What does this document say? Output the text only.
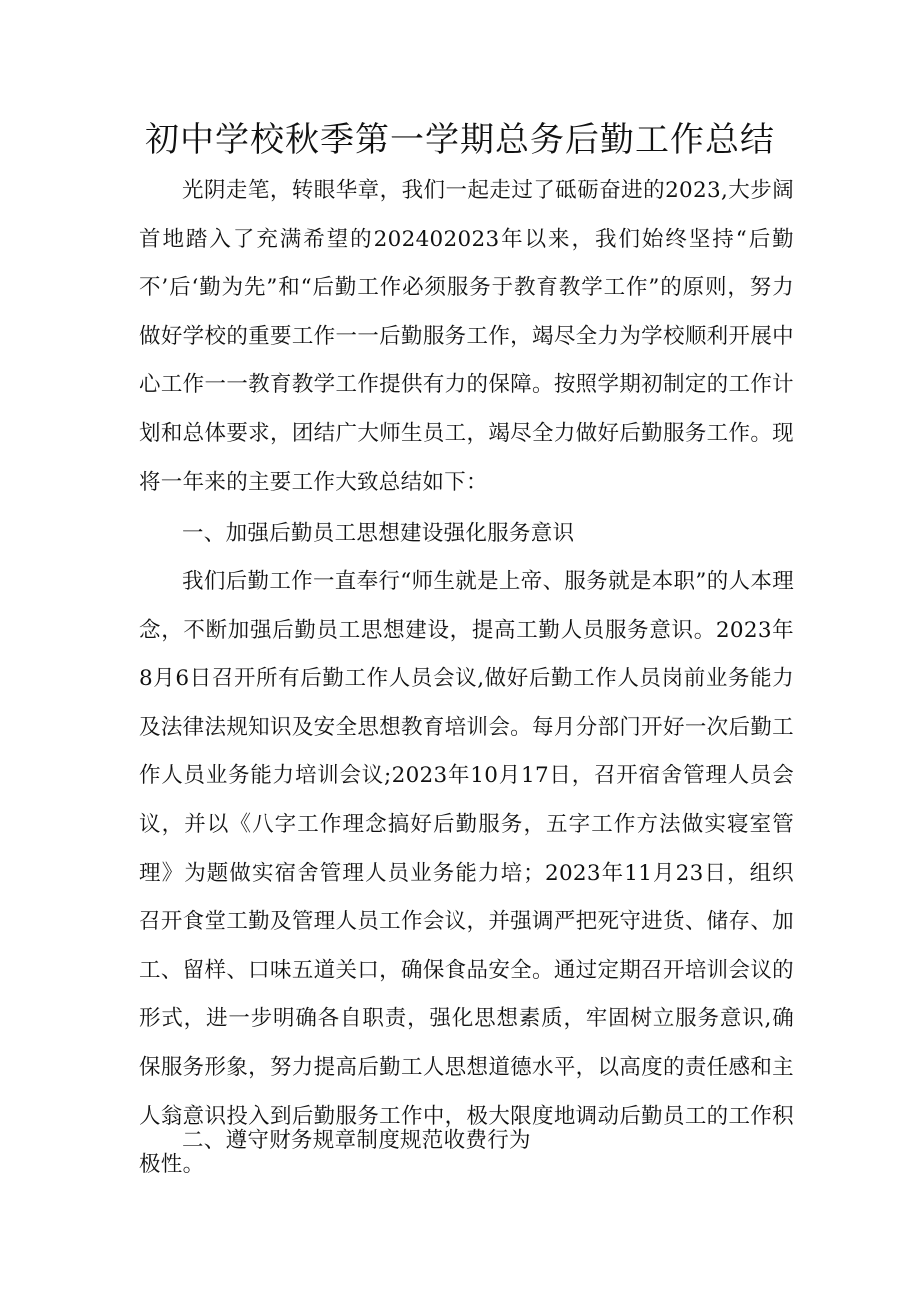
初中学校秋季第一学期总务后勤工作总结

光阴走笔，转眼华章，我们一起走过了砥砺奋进的2023,大步阔首地踏入了充满希望的202402023年以来，我们始终坚持“后勤不’后‘勤为先”和“后勤工作必须服务于教育教学工作”的原则，努力做好学校的重要工作一一后勤服务工作，竭尽全力为学校顺利开展中心工作一一教育教学工作提供有力的保障。按照学期初制定的工作计划和总体要求，团结广大师生员工，竭尽全力做好后勤服务工作。现将一年来的主要工作大致总结如下：

一、加强后勤员工思想建设强化服务意识

我们后勤工作一直奉行“师生就是上帝、服务就是本职”的人本理念，不断加强后勤员工思想建设，提高工勤人员服务意识。2023年8月6日召开所有后勤工作人员会议,做好后勤工作人员岗前业务能力及法律法规知识及安全思想教育培训会。每月分部门开好一次后勤工作人员业务能力培训会议;2023年10月17日，召开宿舍管理人员会议，并以《八字工作理念搞好后勤服务，五字工作方法做实寝室管理》为题做实宿舍管理人员业务能力培；2023年11月23日，组织召开食堂工勤及管理人员工作会议，并强调严把死守进货、储存、加工、留样、口味五道关口，确保食品安全。通过定期召开培训会议的形式，进一步明确各自职责，强化思想素质，牢固树立服务意识,确保服务形象，努力提高后勤工人思想道德水平，以高度的责任感和主人翁意识投入到后勤服务工作中，极大限度地调动后勤员工的工作积极性。

二、遵守财务规章制度规范收费行为
